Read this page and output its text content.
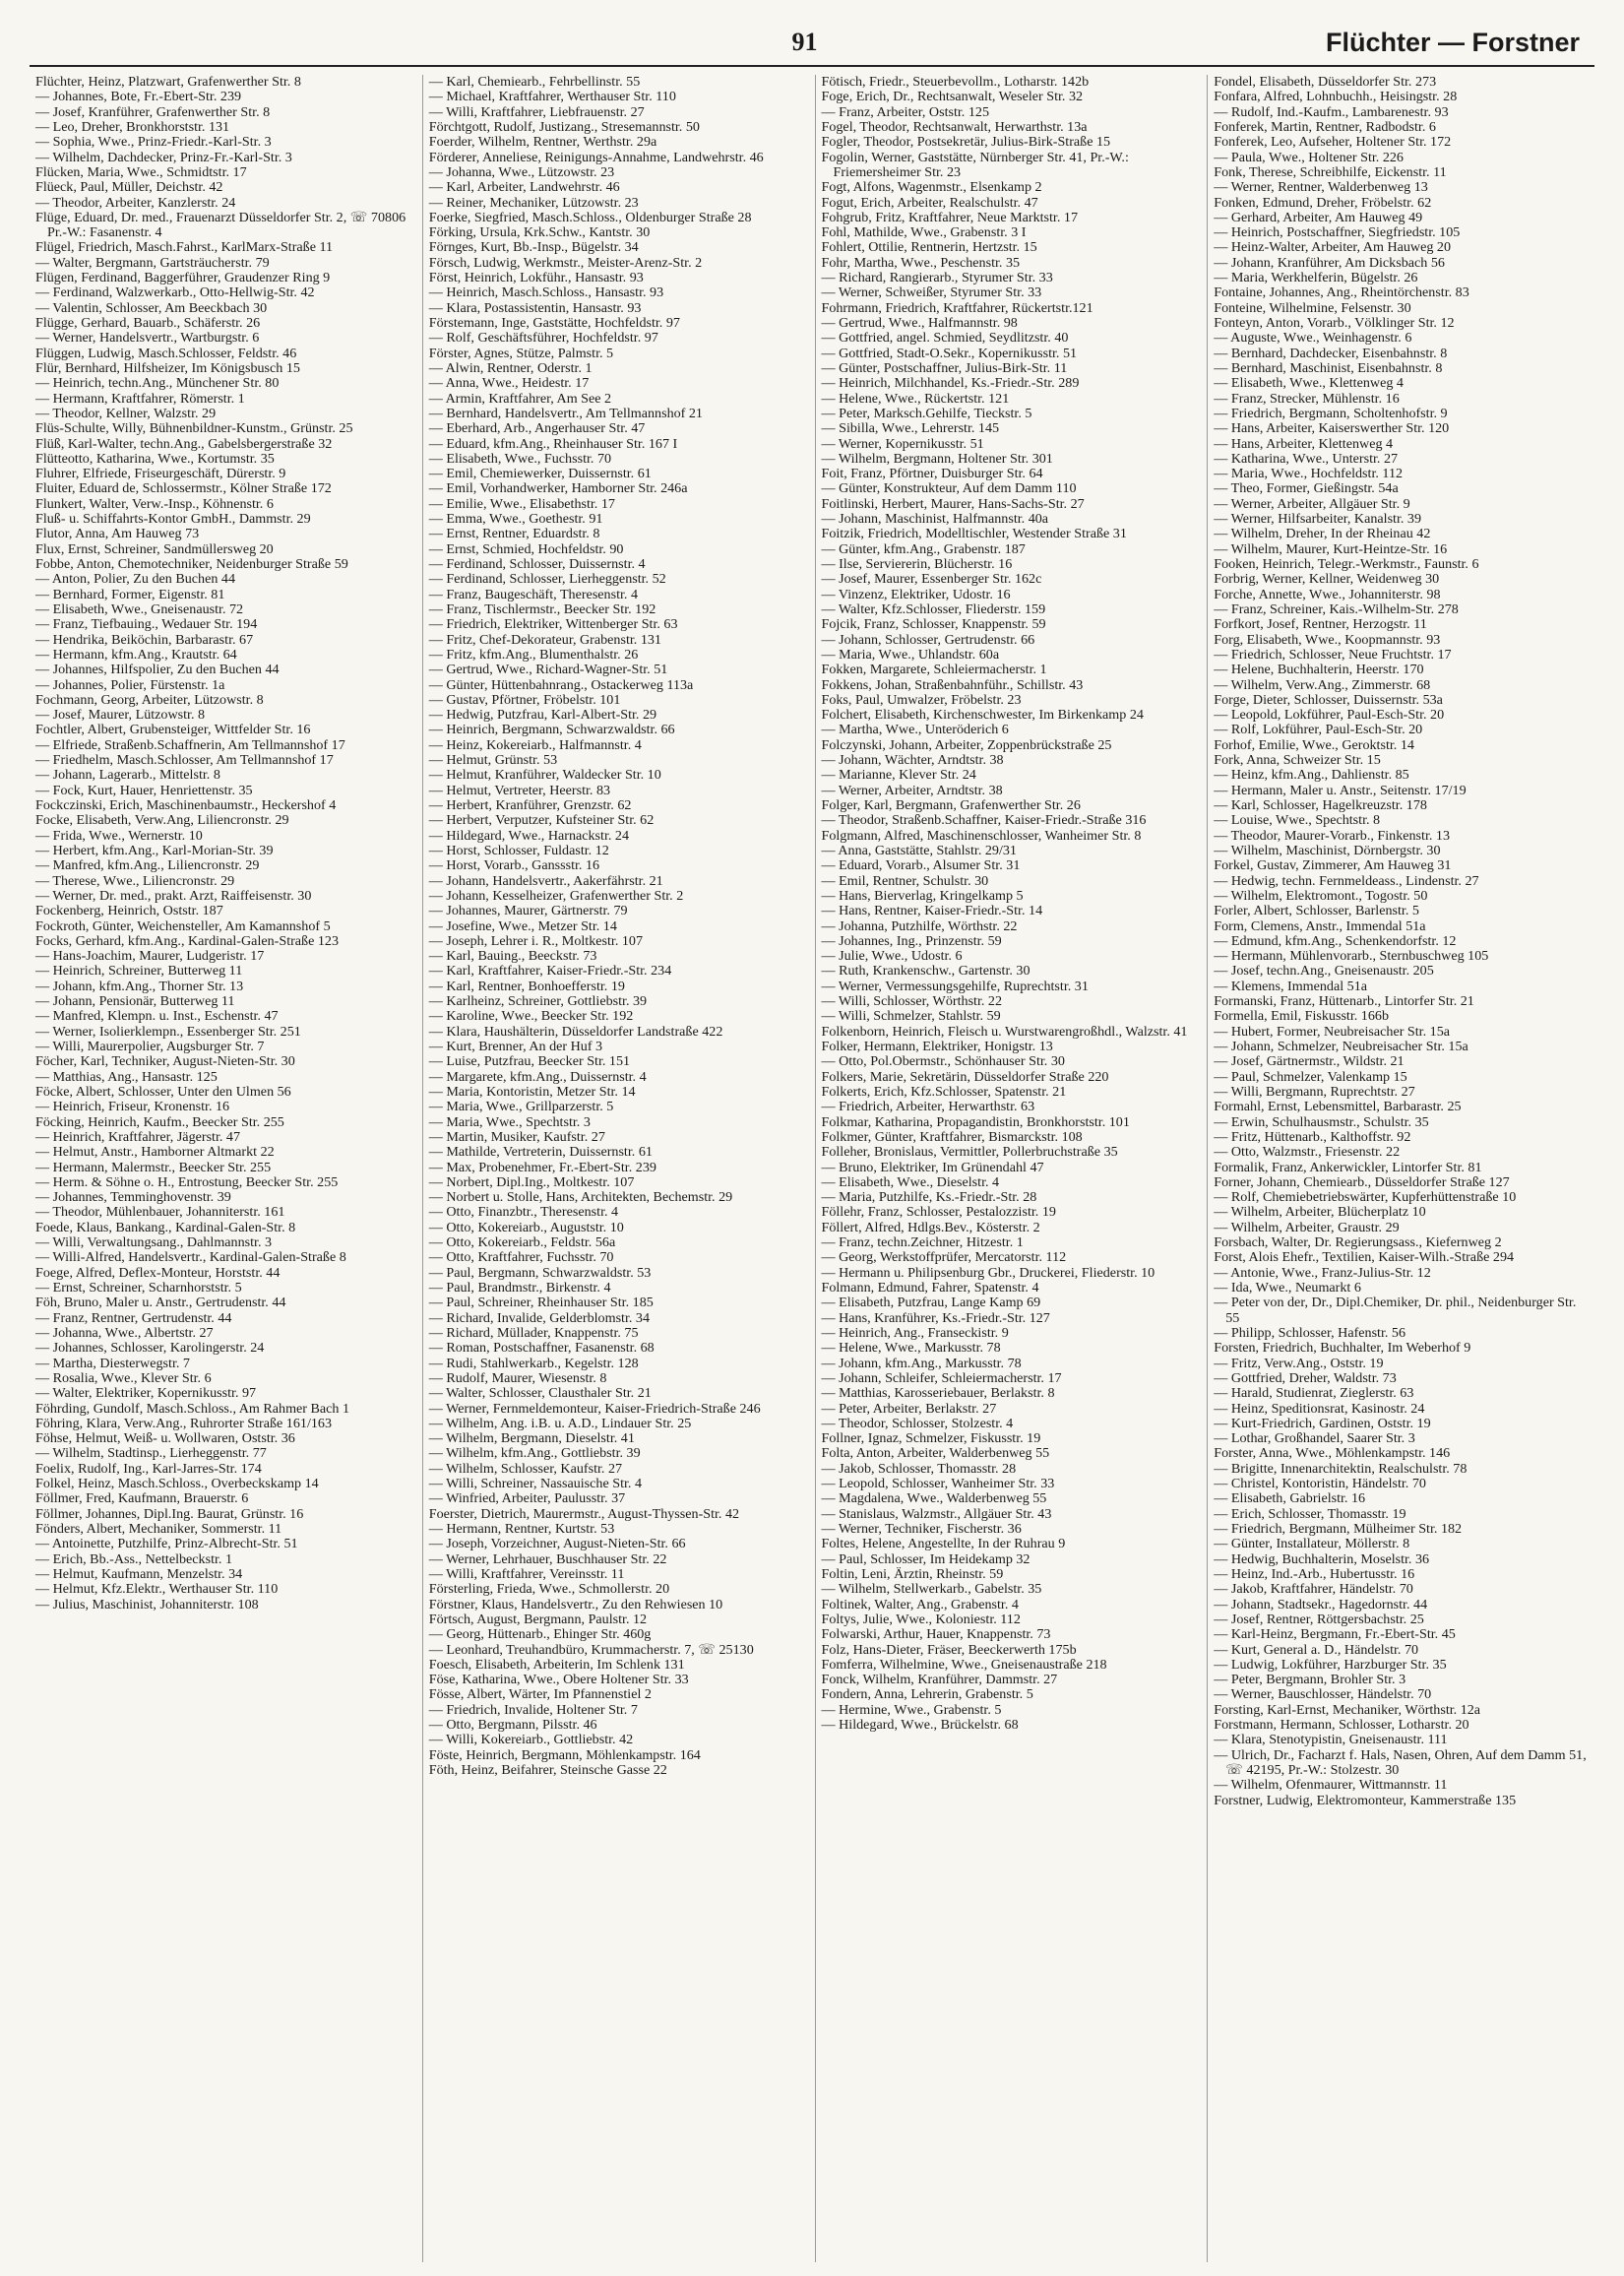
91	Flüchter — Forstner
Flüchter, Heinz, Platzwart, Grafenwerther Str. 8
— Johannes, Bote, Fr.-Ebert-Str. 239
— Josef, Kranführer, Grafenwerther Str. 8
— Leo, Dreher, Bronkhorststr. 131
— Sophia, Wwe., Prinz-Friedr.-Karl-Str. 3
— Wilhelm, Dachdecker, Prinz-Fr.-Karl-Str. 3
Flücken, Maria, Wwe., Schmidtstr. 17
Flüeck, Paul, Müller, Deichstr. 42
— Theodor, Arbeiter, Kanzlerstr. 24
Flüge, Eduard, Dr. med., Frauenarzt Düsseldorfer Str. 2, ☏ 70806 Pr.-W.: Fasanenstr. 4
Flügel, Friedrich, Masch.Fahrst., KarlMarx-Straße 11
— Walter, Bergmann, Gartsträucherstr. 79
Flügen, Ferdinand, Baggerführer, Graudenzer Ring 9
— Ferdinand, Walzwerkarb., Otto-Hellwig-Str. 42
— Valentin, Schlosser, Am Beeckbach 30
Flügge, Gerhard, Bauarb., Schäferstr. 26
— Werner, Handelsvertr., Wartburgstr. 6
Flüggen, Ludwig, Masch.Schlosser, Feldstr. 46
Flür, Bernhard, Hilfsheizer, Im Königsbusch 15
— Heinrich, techn.Ang., Münchener Str. 80
— Hermann, Kraftfahrer, Römerstr. 1
— Theodor, Kellner, Walzstr. 29
Flüs-Schulte, Willy, Bühnenbildner-Kunstm., Grünstr. 25
Flüß, Karl-Walter, techn.Ang., Gabelsbergerstraße 32
Flütteotto, Katharina, Wwe., Kortumstr. 35
Fluhrer, Elfriede, Friseurgeschäft, Dürerstr. 9
Fluiter, Eduard de, Schlossermstr., Kölner Straße 172
Flunkert, Walter, Verw.-Insp., Köhnenstr. 6
Fluß- u. Schiffahrts-Kontor GmbH., Dammstr. 29
Flutor, Anna, Am Hauweg 73
Flux, Ernst, Schreiner, Sandmüllersweg 20
Fobbe, Anton, Chemotechniker, Neidenburger Straße 59
— Anton, Polier, Zu den Buchen 44
— Bernhard, Former, Eigenstr. 81
— Elisabeth, Wwe., Gneisenaustr. 72
— Franz, Tiefbauing., Wedauer Str. 194
— Hendrika, Beiköchin, Barbarastr. 67
— Hermann, kfm.Ang., Krautstr. 64
— Johannes, Hilfspolier, Zu den Buchen 44
— Johannes, Polier, Fürstenstr. 1a
Fochmann, Georg, Arbeiter, Lützowstr. 8
— Josef, Maurer, Lützowstr. 8
Fochtler, Albert, Grubensteiger, Wittfelder Str. 16
— Elfriede, Straßenb.Schaffnerin, Am Tellmannshof 17
— Friedhelm, Masch.Schlosser, Am Tellmannshof 17
— Johann, Lagerarb., Mittelstr. 8
— Fock, Kurt, Hauer, Henriettenstr. 35
Fockczinski, Erich, Maschinenbaumstr., Heckershof 4
Focke, Elisabeth, Verw.Ang, Liliencronstr. 29
— Frida, Wwe., Wernerstr. 10
— Herbert, kfm.Ang., Karl-Morian-Str. 39
— Manfred, kfm.Ang., Liliencronstr. 29
— Therese, Wwe., Liliencronstr. 29
— Werner, Dr. med., prakt. Arzt, Raiffeisenstr. 30
Fockenberg, Heinrich, Oststr. 187
Fockroth, Günter, Weichensteller, Am Kamannshof 5
Focks, Gerhard, kfm.Ang., Kardinal-Galen-Straße 123
— Hans-Joachim, Maurer, Ludgeristr. 17
— Heinrich, Schreiner, Butterweg 11
— Johann, kfm.Ang., Thorner Str. 13
— Johann, Pensionär, Butterweg 11
— Manfred, Klempn. u. Inst., Eschenstr. 47
— Werner, Isolierklempn., Essenberger Str. 251
— Willi, Maurerpolier, Augsburger Str. 7
Föcher, Karl, Techniker, August-Nieten-Str. 30
— Matthias, Ang., Hansastr. 125
Föcke, Albert, Schlosser, Unter den Ulmen 56
— Heinrich, Friseur, Kronenstr. 16
Föcking, Heinrich, Kaufm., Beecker Str. 255
— Heinrich, Kraftfahrer, Jägerstr. 47
— Helmut, Anstr., Hamborner Altmarkt 22
— Hermann, Malermstr., Beecker Str. 255
— Herm. & Söhne o. H., Entrostung, Beecker Str. 255
— Johannes, Temminghovenstr. 39
— Theodor, Mühlenbauer, Johanniterstr. 161
Foede, Klaus, Bankang., Kardinal-Galen-Str. 8
— Willi, Verwaltungsang., Dahlmannstr. 3
— Willi-Alfred, Handelsvertr., Kardinal-Galen-Straße 8
Foege, Alfred, Deflex-Monteur, Horststr. 44
— Ernst, Schreiner, Scharnhorststr. 5
Föh, Bruno, Maler u. Anstr., Gertrudenstr. 44
— Franz, Rentner, Gertrudenstr. 44
— Johanna, Wwe., Albertstr. 27
— Johannes, Schlosser, Karolingerstr. 24
— Martha, Diesterwegstr. 7
— Rosalia, Wwe., Klever Str. 6
— Walter, Elektriker, Kopernikusstr. 97
Föhrding, Gundolf, Masch.Schloss., Am Rahmer Bach 1
Föhring, Klara, Verw.Ang., Ruhrorter Straße 161/163
Föhse, Helmut, Weiß- u. Wollwaren, Oststr. 36
— Wilhelm, Stadtinsp., Lierheggenstr. 77
Foelix, Rudolf, Ing., Karl-Jarres-Str. 174
Folkel, Heinz, Masch.Schloss., Overbeckskamp 14
Föllmer, Fred, Kaufmann, Brauerstr. 6
Föllmer, Johannes, Dipl.Ing. Baurat, Grünstr. 16
Fönders, Albert, Mechaniker, Sommerstr. 11
— Antoinette, Putzhilfe, Prinz-Albrecht-Str. 51
— Erich, Bb.-Ass., Nettelbeckstr. 1
— Helmut, Kaufmann, Menzelstr. 34
— Helmut, Kfz.Elektr., Werthauser Str. 110
— Julius, Maschinist, Johanniterstr. 108
— Karl, Chemiearb., Fehrbellinstr. 55
— Michael, Kraftfahrer, Werthauser Str. 110
— Willi, Kraftfahrer, Liebfrauenstr. 27
Förchtgott, Rudolf, Justizang., Stresemannstr. 50
Foerder, Wilhelm, Rentner, Werthstr. 29a
Förderer, Anneliese, Reinigungs-Annahme, Landwehrstr. 46
— Johanna, Wwe., Lützowstr. 23
— Karl, Arbeiter, Landwehrstr. 46
— Reiner, Mechaniker, Lützowstr. 23
Foerke, Siegfried, Masch.Schloss., Oldenburger Straße 28
Förking, Ursula, Krk.Schw., Kantstr. 30
Förnges, Kurt, Bb.-Insp., Bügelstr. 34
Försch, Ludwig, Werkmstr., Meister-Arenz-Str. 2
Först, Heinrich, Lokführ., Hansastr. 93
— Heinrich, Masch.Schloss., Hansastr. 93
— Klara, Postassistentin, Hansastr. 93
Förstemann, Inge, Gaststätte, Hochfeldstr. 97
— Rolf, Geschäftsführer, Hochfeldstr. 97
Förster, Agnes, Stütze, Palmstr. 5
— Alwin, Rentner, Oderstr. 1
— Anna, Wwe., Heidestr. 17
— Armin, Kraftfahrer, Am See 2
— Bernhard, Handelsvertr., Am Tellmannshof 21
— Eberhard, Arb., Angerhauser Str. 47
— Eduard, kfm.Ang., Rheinhauser Str. 167 I
— Elisabeth, Wwe., Fuchsstr. 70
— Emil, Chemiewerker, Duissernstr. 61
— Emil, Vorhandwerker, Hamborner Str. 246a
— Emilie, Wwe., Elisabethstr. 17
— Emma, Wwe., Goethestr. 91
— Ernst, Rentner, Eduardstr. 8
— Ernst, Schmied, Hochfeldstr. 90
— Ferdinand, Schlosser, Duissernstr. 4
— Ferdinand, Schlosser, Lierheggenstr. 52
— Franz, Baugeschäft, Theresenstr. 4
— Franz, Tischlermstr., Beecker Str. 192
— Friedrich, Elektriker, Wittenberger Str. 63
— Fritz, Chef-Dekorateur, Grabenstr. 131
— Fritz, kfm.Ang., Blumenthalstr. 26
— Gertrud, Wwe., Richard-Wagner-Str. 51
— Günter, Hüttenbahnrang., Ostackerweg 113a
— Gustav, Pförtner, Fröbelstr. 101
— Hedwig, Putzfrau, Karl-Albert-Str. 29
— Heinrich, Bergmann, Schwarzwaldstr. 66
— Heinz, Kokereiarb., Halfmannstr. 4
— Helmut, Grünstr. 53
— Helmut, Kranführer, Waldecker Str. 10
— Helmut, Vertreter, Heerstr. 83
— Herbert, Kranführer, Grenzstr. 62
— Herbert, Verputzer, Kufsteiner Str. 62
— Hildegard, Wwe., Harnackstr. 24
— Horst, Schlosser, Fuldastr. 12
— Horst, Vorarb., Ganssstr. 16
— Johann, Handelsvertr., Aakerfährstr. 21
— Johann, Kesselheizer, Grafenwerther Str. 2
— Johannes, Maurer, Gärtnerstr. 79
— Josefine, Wwe., Metzer Str. 14
— Joseph, Lehrer i. R., Moltkestr. 107
— Karl, Bauing., Beeckstr. 73
— Karl, Kraftfahrer, Kaiser-Friedr.-Str. 234
— Karl, Rentner, Bonhoefferstr. 19
— Karlheinz, Schreiner, Gottliebstr. 39
— Karoline, Wwe., Beecker Str. 192
— Klara, Haushälterin, Düsseldorfer Landstraße 422
— Kurt, Brenner, An der Huf 3
— Luise, Putzfrau, Beecker Str. 151
— Margarete, kfm.Ang., Duissernstr. 4
— Maria, Kontoristin, Metzer Str. 14
— Maria, Wwe., Grillparzerstr. 5
— Maria, Wwe., Spechtstr. 3
— Martin, Musiker, Kaufstr. 27
— Mathilde, Vertreterin, Duissernstr. 61
— Max, Probenehmer, Fr.-Ebert-Str. 239
— Norbert, Dipl.Ing., Moltkestr. 107
— Norbert u. Stolle, Hans, Architekten, Bechemstr. 29
— Otto, Finanzbtr., Theresenstr. 4
— Otto, Kokereiarb., Auguststr. 10
— Otto, Kokereiarb., Feldstr. 56a
— Otto, Kraftfahrer, Fuchsstr. 70
— Paul, Bergmann, Schwarzwaldstr. 53
— Paul, Brandmstr., Birkenstr. 4
— Paul, Schreiner, Rheinhauser Str. 185
— Richard, Invalide, Gelderblomstr. 34
— Richard, Müllader, Knappenstr. 75
— Roman, Postschaffner, Fasanenstr. 68
— Rudi, Stahlwerkarb., Kegelstr. 128
— Rudolf, Maurer, Wiesenstr. 8
— Walter, Schlosser, Clausthaler Str. 21
— Werner, Fernmeldemonteur, Kaiser-Friedrich-Straße 246
— Wilhelm, Ang. i.B. u. A.D., Lindauer Str. 25
— Wilhelm, Bergmann, Dieselstr. 41
— Wilhelm, kfm.Ang., Gottliebstr. 39
— Wilhelm, Schlosser, Kaufstr. 27
— Willi, Schreiner, Nassauische Str. 4
— Winfried, Arbeiter, Paulusstr. 37
Foerster, Dietrich, Maurermstr., August-Thyssen-Str. 42
— Hermann, Rentner, Kurtstr. 53
— Joseph, Vorzeichner, August-Nieten-Str. 66
— Werner, Lehrhauer, Buschhauser Str. 22
— Willi, Kraftfahrer, Vereinsstr. 11
Försterling, Frieda, Wwe., Schmollerstr. 20
Förstner, Klaus, Handelsvertr., Zu den Rehwiesen 10
Förtsch, August, Bergmann, Paulstr. 12
— Georg, Hüttenarb., Ehinger Str. 460g
— Leonhard, Treuhandbüro, Krummacherstr. 7, ☏ 25130
Foesch, Elisabeth, Arbeiterin, Im Schlenk 131
Föse, Katharina, Wwe., Obere Holtener Str. 33
Fösse, Albert, Wärter, Im Pfannenstiel 2
— Friedrich, Invalide, Holtener Str. 7
— Otto, Bergmann, Pilsstr. 46
— Willi, Kokereiarb., Gottliebstr. 42
Föste, Heinrich, Bergmann, Möhlenkampstr. 164
Föth, Heinz, Beifahrer, Steinsche Gasse 22
Fötisch, Friedr., Steuerbevollm., Lotharstr. 142b
Foge, Erich, Dr., Rechtsanwalt, Weseler Str. 32
— Franz, Arbeiter, Oststr. 125
Fogel, Theodor, Rechtsanwalt, Herwarthstr. 13a
Fogler, Theodor, Postsekretär, Julius-Birk-Straße 15
Fogolin, Werner, Gaststätte, Nürnberger Str. 41, Pr.-W.: Friemersheimer Str. 23
Fogt, Alfons, Wagenmstr., Elsenkamp 2
Fogut, Erich, Arbeiter, Realschulstr. 47
Fohgrub, Fritz, Kraftfahrer, Neue Marktstr. 17
Fohl, Mathilde, Wwe., Grabenstr. 3 I
Fohlert, Ottilie, Rentnerin, Hertzstr. 15
Fohr, Martha, Wwe., Peschenstr. 35
— Richard, Rangierarb., Styrumer Str. 33
— Werner, Schweißer, Styrumer Str. 33
Fohrmann, Friedrich, Kraftfahrer, Rückertstr.121
— Gertrud, Wwe., Halfmannstr. 98
— Gottfried, angel. Schmied, Seydlitzstr. 40
— Gottfried, Stadt-O.Sekr., Kopernikusstr. 51
— Günter, Postschaffner, Julius-Birk-Str. 11
— Heinrich, Milchhandel, Ks.-Friedr.-Str. 289
— Helene, Wwe., Rückertstr. 121
— Peter, Marksch.Gehilfe, Tieckstr. 5
— Sibilla, Wwe., Lehrerstr. 145
— Werner, Kopernikusstr. 51
— Wilhelm, Bergmann, Holtener Str. 301
Foit, Franz, Pförtner, Duisburger Str. 64
— Günter, Konstrukteur, Auf dem Damm 110
Foitlinski, Herbert, Maurer, Hans-Sachs-Str. 27
— Johann, Maschinist, Halfmannstr. 40a
Foitzik, Friedrich, Modelltischler, Westender Straße 31
— Günter, kfm.Ang., Grabenstr. 187
— Ilse, Serviererin, Blücherstr. 16
— Josef, Maurer, Essenberger Str. 162c
— Vinzenz, Elektriker, Udostr. 16
— Walter, Kfz.Schlosser, Fliederstr. 159
Fojcik, Franz, Schlosser, Knappenstr. 59
— Johann, Schlosser, Gertrudenstr. 66
— Maria, Wwe., Uhlandstr. 60a
Fokken, Margarete, Schleiermacherstr. 1
Fokkens, Johan, Straßenbahnführ., Schillstr. 43
Foks, Paul, Umwalzer, Fröbelstr. 23
Folchert, Elisabeth, Kirchenschwester, Im Birkenkamp 24
— Martha, Wwe., Unteröderich 6
Folczynski, Johann, Arbeiter, Zoppenbrückstraße 25
— Johann, Wächter, Arndtstr. 38
— Marianne, Klever Str. 24
— Werner, Arbeiter, Arndtstr. 38
Folger, Karl, Bergmann, Grafenwerther Str. 26
— Theodor, Straßenb.Schaffner, Kaiser-Friedr.-Straße 316
Folgmann, Alfred, Maschinenschlosser, Wanheimer Str. 8
— Anna, Gaststätte, Stahlstr. 29/31
— Eduard, Vorarb., Alsumer Str. 31
— Emil, Rentner, Schulstr. 30
— Hans, Bierverlag, Kringelkamp 5
— Hans, Rentner, Kaiser-Friedr.-Str. 14
— Johanna, Putzhilfe, Wörthstr. 22
— Johannes, Ing., Prinzenstr. 59
— Julie, Wwe., Udostr. 6
— Ruth, Krankenschw., Gartenstr. 30
— Werner, Vermessungsgehilfe, Ruprechtstr. 31
— Willi, Schlosser, Wörthstr. 22
— Willi, Schmelzer, Stahlstr. 59
Folkenborn, Heinrich, Fleisch u. Wurstwarengroßhdl., Walzstr. 41
Folker, Hermann, Elektriker, Honigstr. 13
— Otto, Pol.Obermstr., Schönhauser Str. 30
Folkers, Marie, Sekretärin, Düsseldorfer Straße 220
Folkerts, Erich, Kfz.Schlosser, Spatenstr. 21
— Friedrich, Arbeiter, Herwarthstr. 63
Folkmar, Katharina, Propagandistin, Bronkhorststr. 101
Folkmer, Günter, Kraftfahrer, Bismarckstr. 108
Folleher, Bronislaus, Vermittler, Pollerbruchstraße 35
— Bruno, Elektriker, Im Grünendahl 47
— Elisabeth, Wwe., Dieselstr. 4
— Maria, Putzhilfe, Ks.-Friedr.-Str. 28
Föllehr, Franz, Schlosser, Pestalozzistr. 19
Föllert, Alfred, Hdlgs.Bev., Kösterstr. 2
— Franz, techn.Zeichner, Hitzestr. 1
— Georg, Werkstoffprüfer, Mercatorstr. 112
— Hermann u. Philipsenburg Gbr., Druckerei, Fliederstr. 10
Folmann, Edmund, Fahrer, Spatenstr. 4
— Elisabeth, Putzfrau, Lange Kamp 69
— Hans, Kranführer, Ks.-Friedr.-Str. 127
— Heinrich, Ang., Franseckistr. 9
— Helene, Wwe., Markusstr. 78
— Johann, kfm.Ang., Markusstr. 78
— Johann, Schleifer, Schleiermacherstr. 17
— Matthias, Karosseriebauer, Berlakstr. 8
— Peter, Arbeiter, Berlakstr. 27
— Theodor, Schlosser, Stolzestr. 4
Follner, Ignaz, Schmelzer, Fiskusstr. 19
Folta, Anton, Arbeiter, Walderbenweg 55
— Jakob, Schlosser, Thomasstr. 28
— Leopold, Schlosser, Wanheimer Str. 33
— Magdalena, Wwe., Walderbenweg 55
— Stanislaus, Walzmstr., Allgäuer Str. 43
— Werner, Techniker, Fischerstr. 36
Foltes, Helene, Angestellte, In der Ruhrau 9
— Paul, Schlosser, Im Heidekamp 32
Foltin, Leni, Ärztin, Rheinstr. 59
— Wilhelm, Stellwerkarb., Gabelstr. 35
Foltinek, Walter, Ang., Grabenstr. 4
Foltys, Julie, Wwe., Koloniestr. 112
Folwarski, Arthur, Hauer, Knappenstr. 73
Folz, Hans-Dieter, Fräser, Beeckerwerth 175b
Fomferra, Wilhelmine, Wwe., Gneisenaustraße 218
Fonck, Wilhelm, Kranführer, Dammstr. 27
Fondern, Anna, Lehrerin, Grabenstr. 5
— Hermine, Wwe., Grabenstr. 5
— Hildegard, Wwe., Brückelstr. 68
Fondel, Elisabeth, Düsseldorfer Str. 273
Fonfara, Alfred, Lohnbuchh., Heisingstr. 28
— Rudolf, Ind.-Kaufm., Lambarenestr. 93
Fonferek, Martin, Rentner, Radbodstr. 6
Fonferek, Leo, Aufseher, Holtener Str. 172
— Paula, Wwe., Holtener Str. 226
Fonk, Therese, Schreibhilfe, Eickenstr. 11
— Werner, Rentner, Walderbenweg 13
Fonken, Edmund, Dreher, Fröbelstr. 62
— Gerhard, Arbeiter, Am Hauweg 49
— Heinrich, Postschaffner, Siegfriedstr. 105
— Heinz-Walter, Arbeiter, Am Hauweg 20
— Johann, Kranführer, Am Dicksbach 56
— Maria, Werkhelferin, Bügelstr. 26
Fontaine, Johannes, Ang., Rheintörchenstr. 83
Fonteine, Wilhelmine, Felsenstr. 30
Fonteyn, Anton, Vorarb., Völklinger Str. 12
— Auguste, Wwe., Weinhagenstr. 6
— Bernhard, Dachdecker, Eisenbahnstr. 8
— Bernhard, Maschinist, Eisenbahnstr. 8
— Elisabeth, Wwe., Klettenweg 4
— Franz, Strecker, Mühlenstr. 16
— Friedrich, Bergmann, Scholtenhofstr. 9
— Hans, Arbeiter, Kaiserswerther Str. 120
— Hans, Arbeiter, Klettenweg 4
— Katharina, Wwe., Unterstr. 27
— Maria, Wwe., Hochfeldstr. 112
— Theo, Former, Gießingstr. 54a
— Werner, Arbeiter, Allgäuer Str. 9
— Werner, Hilfsarbeiter, Kanalstr. 39
— Wilhelm, Dreher, In der Rheinau 42
— Wilhelm, Maurer, Kurt-Heintze-Str. 16
Fooken, Heinrich, Telegr.-Werkmstr., Faunstr. 6
Forbrig, Werner, Kellner, Weidenweg 30
Forche, Annette, Wwe., Johanniterstr. 98
— Franz, Schreiner, Kais.-Wilhelm-Str. 278
Forfkort, Josef, Rentner, Herzogstr. 11
Forg, Elisabeth, Wwe., Koopmannstr. 93
— Friedrich, Schlosser, Neue Fruchtstr. 17
— Helene, Buchhalterin, Heerstr. 170
— Wilhelm, Verw.Ang., Zimmerstr. 68
Forge, Dieter, Schlosser, Duissernstr. 53a
— Leopold, Lokführer, Paul-Esch-Str. 20
— Rolf, Lokführer, Paul-Esch-Str. 20
Forhof, Emilie, Wwe., Geroktstr. 14
Fork, Anna, Schweizer Str. 15
— Heinz, kfm.Ang., Dahlienstr. 85
— Hermann, Maler u. Anstr., Seitenstr. 17/19
— Karl, Schlosser, Hagelkreuzstr. 178
— Louise, Wwe., Spechtstr. 8
— Theodor, Maurer-Vorarb., Finkenstr. 13
— Wilhelm, Maschinist, Dörnbergstr. 30
Forkel, Gustav, Zimmerer, Am Hauweg 31
— Hedwig, techn. Fernmeldeass., Lindenstr. 27
— Wilhelm, Elektromont., Togostr. 50
Forler, Albert, Schlosser, Barlenstr. 5
Form, Clemens, Anstr., Immendal 51a
— Edmund, kfm.Ang., Schenkendorfstr. 12
— Hermann, Mühlenvorarb., Sternbuschweg 105
— Josef, techn.Ang., Gneisenaustr. 205
— Klemens, Immendal 51a
Formanski, Franz, Hüttenarb., Lintorfer Str. 21
Formella, Emil, Fiskusstr. 166b
— Hubert, Former, Neubreisacher Str. 15a
— Johann, Schmelzer, Neubreisacher Str. 15a
— Josef, Gärtnermstr., Wildstr. 21
— Paul, Schmelzer, Valenkamp 15
— Willi, Bergmann, Ruprechtstr. 27
Formahl, Ernst, Lebensmittel, Barbarastr. 25
— Erwin, Schulhausmstr., Schulstr. 35
— Fritz, Hüttenarb., Kalthoffstr. 92
— Otto, Walzmstr., Friesenstr. 22
Formalik, Franz, Ankerwickler, Lintorfer Str. 81
Forner, Johann, Chemiearb., Düsseldorfer Straße 127
— Rolf, Chemiebetriebswärter, Kupferhüttenstraße 10
— Wilhelm, Arbeiter, Blücherplatz 10
— Wilhelm, Arbeiter, Graustr. 29
Forsbach, Walter, Dr. Regierungsass., Kiefernweg 2
Forst, Alois Ehefr., Textilien, Kaiser-Wilh.-Straße 294
— Antonie, Wwe., Franz-Julius-Str. 12
— Ida, Wwe., Neumarkt 6
— Peter von der, Dr., Dipl.Chemiker, Dr. phil., Neidenburger Str. 55
— Philipp, Schlosser, Hafenstr. 56
Forsten, Friedrich, Buchhalter, Im Weberhof 9
— Fritz, Verw.Ang., Oststr. 19
— Gottfried, Dreher, Waldstr. 73
— Harald, Studienrat, Zieglerstr. 63
— Heinz, Speditionsrat, Kasinostr. 24
— Kurt-Friedrich, Gardinen, Oststr. 19
— Lothar, Großhandel, Saarer Str. 3
Forster, Anna, Wwe., Möhlenkampstr. 146
— Brigitte, Innenarchitektin, Realschulstr. 78
— Christel, Kontoristin, Händelstr. 70
— Elisabeth, Gabrielstr. 16
— Erich, Schlosser, Thomasstr. 19
— Friedrich, Bergmann, Mülheimer Str. 182
— Günter, Installateur, Möllerstr. 8
— Hedwig, Buchhalterin, Moselstr. 36
— Heinz, Ind.-Arb., Hubertusstr. 16
— Jakob, Kraftfahrer, Händelstr. 70
— Johann, Stadtsekr., Hagedornstr. 44
— Josef, Rentner, Röttgersbachstr. 25
— Karl-Heinz, Bergmann, Fr.-Ebert-Str. 45
— Kurt, General a. D., Händelstr. 70
— Ludwig, Lokführer, Harzburger Str. 35
— Peter, Bergmann, Brohler Str. 3
— Werner, Bauschlosser, Händelstr. 70
Forsting, Karl-Ernst, Mechaniker, Wörthstr. 12a
Forstmann, Hermann, Schlosser, Lotharstr. 20
— Klara, Stenotypistin, Gneisenaustr. 111
— Ulrich, Dr., Facharzt f. Hals, Nasen, Ohren, Auf dem Damm 51, ☏ 42195, Pr.-W.: Stolzestr. 30
— Wilhelm, Ofenmaurer, Wittmannstr. 11
Forstner, Ludwig, Elektromonteur, Kammerstraße 135
